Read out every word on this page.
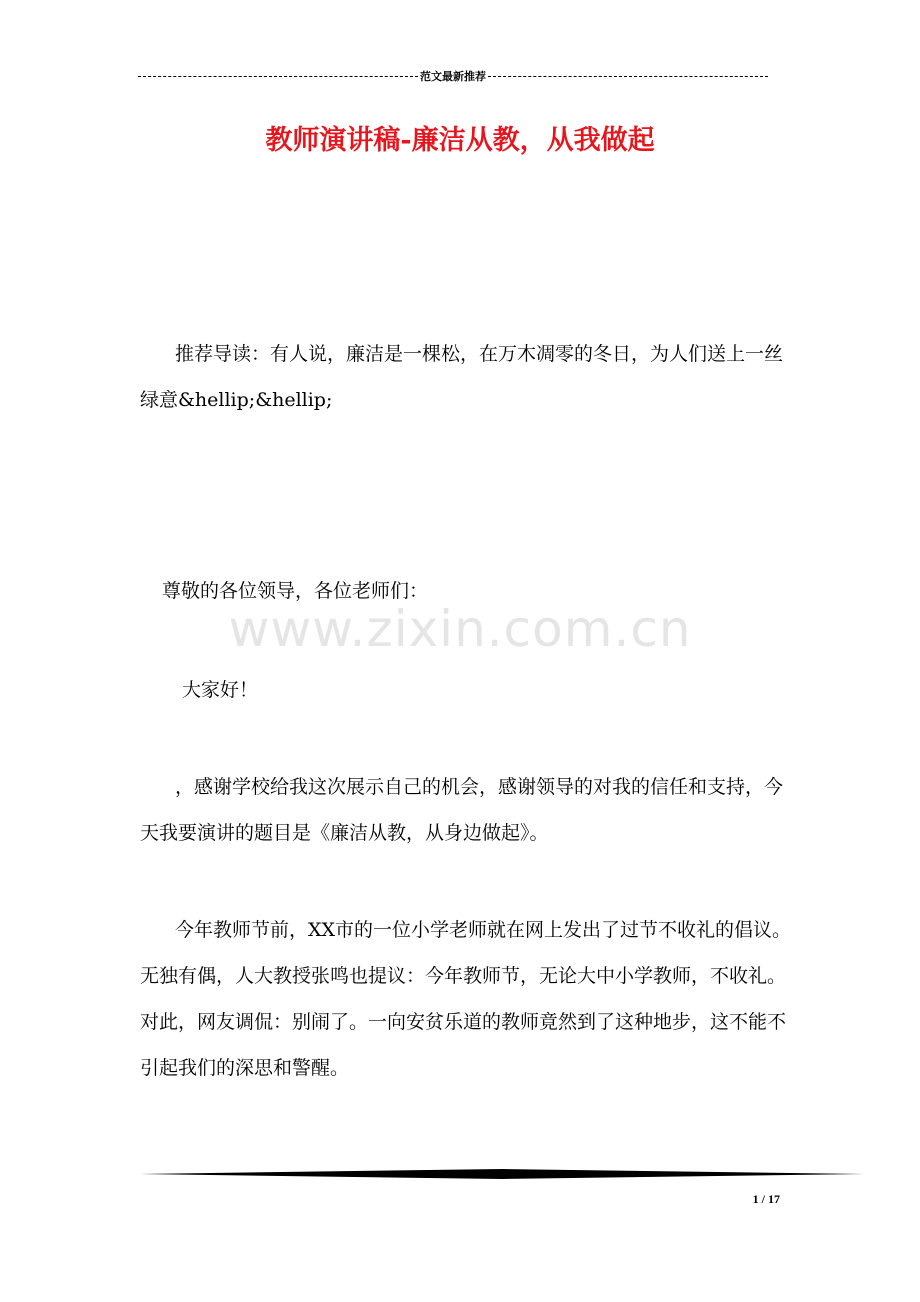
范文最新推荐
教师演讲稿-廉洁从教，从我做起

推荐导读：有人说，廉洁是一棵松，在万木凋零的冬日，为人们送上一丝绿意&hellip;&hellip;

尊敬的各位领导，各位老师们：

www.zixin.com.cn

大家好！

，感谢学校给我这次展示自己的机会，感谢领导的对我的信任和支持，今天我要演讲的题目是《廉洁从教，从身边做起》。

今年教师节前，XX市的一位小学老师就在网上发出了过节不收礼的倡议。无独有偶，人大教授张鸣也提议：今年教师节，无论大中小学教师，不收礼。对此，网友调侃：别闹了。一向安贫乐道的教师竟然到了这种地步，这不能不引起我们的深思和警醒。

1 / 17
